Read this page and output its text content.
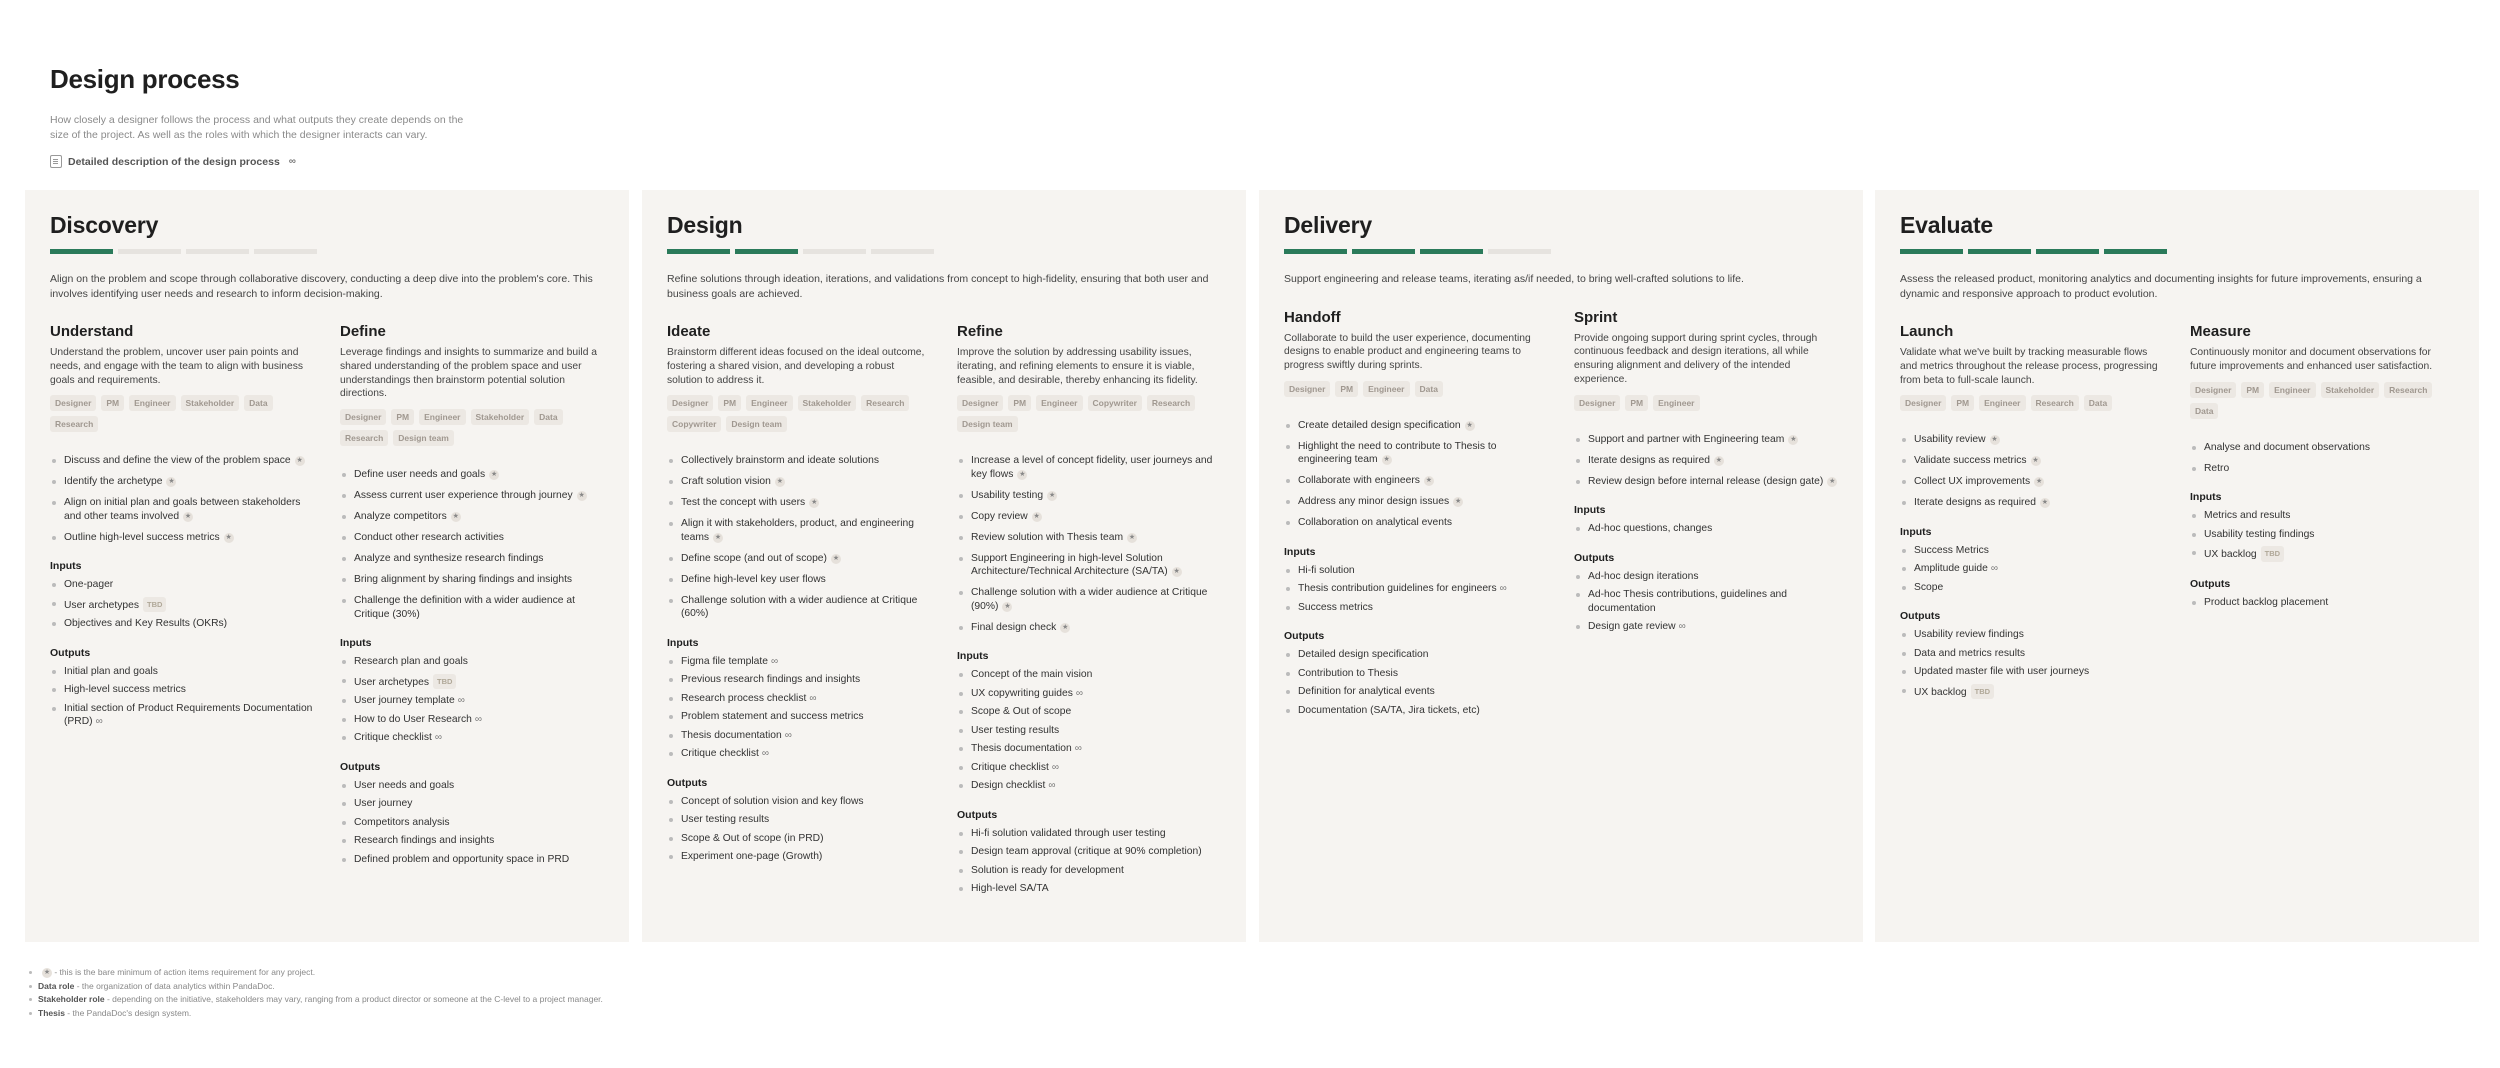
Design process

How closely a designer follows the process and what outputs they create depends on the size of the project. As well as the roles with which the designer interacts can vary.

Detailed description of the design process ∞
Discovery
Align on the problem and scope through collaborative discovery, conducting a deep dive into the problem's core. This involves identifying user needs and research to inform decision-making.
Understand
Understand the problem, uncover user pain points and needs, and engage with the team to align with business goals and requirements.
Designer	PM	Engineer	Stakeholder	Data
Research
Discuss and define the view of the problem space ★
Identify the archetype ★
Align on initial plan and goals between stakeholders and other teams involved ★
Outline high-level success metrics ★
Inputs
One-pager
User archetypes TBD
Objectives and Key Results (OKRs)
Outputs
Initial plan and goals
High-level success metrics
Initial section of Product Requirements Documentation (PRD) ∞
Define
Leverage findings and insights to summarize and build a shared understanding of the problem space and user understandings then brainstorm potential solution directions.
Designer	PM	Engineer	Stakeholder	Data
Research	Design team
Define user needs and goals ★
Assess current user experience through journey ★
Analyze competitors ★
Conduct other research activities
Analyze and synthesize research findings
Bring alignment by sharing findings and insights
Challenge the definition with a wider audience at Critique (30%)
Inputs
Research plan and goals
User archetypes TBD
User journey template ∞
How to do User Research ∞
Critique checklist ∞
Outputs
User needs and goals
User journey
Competitors analysis
Research findings and insights
Defined problem and opportunity space in PRD
Design
Refine solutions through ideation, iterations, and validations from concept to high-fidelity, ensuring that both user and business goals are achieved.
Ideate
Brainstorm different ideas focused on the ideal outcome, fostering a shared vision, and developing a robust solution to address it.
Designer	PM	Engineer	Stakeholder	Research
Copywriter	Design team
Collectively brainstorm and ideate solutions
Craft solution vision ★
Test the concept with users ★
Align it with stakeholders, product, and engineering teams ★
Define scope (and out of scope) ★
Define high-level key user flows
Challenge solution with a wider audience at Critique (60%)
Inputs
Figma file template ∞
Previous research findings and insights
Research process checklist ∞
Problem statement and success metrics
Thesis documentation ∞
Critique checklist ∞
Outputs
Concept of solution vision and key flows
User testing results
Scope & Out of scope (in PRD)
Experiment one-page (Growth)
Refine
Improve the solution by addressing usability issues, iterating, and refining elements to ensure it is viable, feasible, and desirable, thereby enhancing its fidelity.
Designer	PM	Engineer	Copywriter	Research
Design team
Increase a level of concept fidelity, user journeys and key flows ★
Usability testing ★
Copy review ★
Review solution with Thesis team ★
Support Engineering in high-level Solution Architecture/Technical Architecture (SA/TA) ★
Challenge solution with a wider audience at Critique (90%) ★
Final design check ★
Inputs
Concept of the main vision
UX copywriting guides ∞
Scope & Out of scope
User testing results
Thesis documentation ∞
Critique checklist ∞
Design checklist ∞
Outputs
Hi-fi solution validated through user testing
Design team approval (critique at 90% completion)
Solution is ready for development
High-level SA/TA
Delivery
Support engineering and release teams, iterating as/if needed, to bring well-crafted solutions to life.
Handoff
Collaborate to build the user experience, documenting designs to enable product and engineering teams to progress swiftly during sprints.
Designer	PM	Engineer	Data
Create detailed design specification ★
Highlight the need to contribute to Thesis to engineering team ★
Collaborate with engineers ★
Address any minor design issues ★
Collaboration on analytical events
Inputs
Hi-fi solution
Thesis contribution guidelines for engineers ∞
Success metrics
Outputs
Detailed design specification
Contribution to Thesis
Definition for analytical events
Documentation (SA/TA, Jira tickets, etc)
Sprint
Provide ongoing support during sprint cycles, through continuous feedback and design iterations, all while ensuring alignment and delivery of the intended experience.
Designer	PM	Engineer
Support and partner with Engineering team ★
Iterate designs as required ★
Review design before internal release (design gate) ★
Inputs
Ad-hoc questions, changes
Outputs
Ad-hoc design iterations
Ad-hoc Thesis contributions, guidelines and documentation
Design gate review ∞
Evaluate
Assess the released product, monitoring analytics and documenting insights for future improvements, ensuring a dynamic and responsive approach to product evolution.
Launch
Validate what we've built by tracking measurable flows and metrics throughout the release process, progressing from beta to full-scale launch.
Designer	PM	Engineer	Research	Data
Usability review ★
Validate success metrics ★
Collect UX improvements ★
Iterate designs as required ★
Inputs
Success Metrics
Amplitude guide ∞
Scope
Outputs
Usability review findings
Data and metrics results
Updated master file with user journeys
UX backlog TBD
Measure
Continuously monitor and document observations for future improvements and enhanced user satisfaction.
Designer	PM	Engineer	Stakeholder	Research
Data
Analyse and document observations
Retro
Inputs
Metrics and results
Usability testing findings
UX backlog TBD
Outputs
Product backlog placement
★ - this is the bare minimum of action items requirement for any project.
Data role - the organization of data analytics within PandaDoc.
Stakeholder role - depending on the initiative, stakeholders may vary, ranging from a product director or someone at the C-level to a project manager.
Thesis - the PandaDoc's design system.
